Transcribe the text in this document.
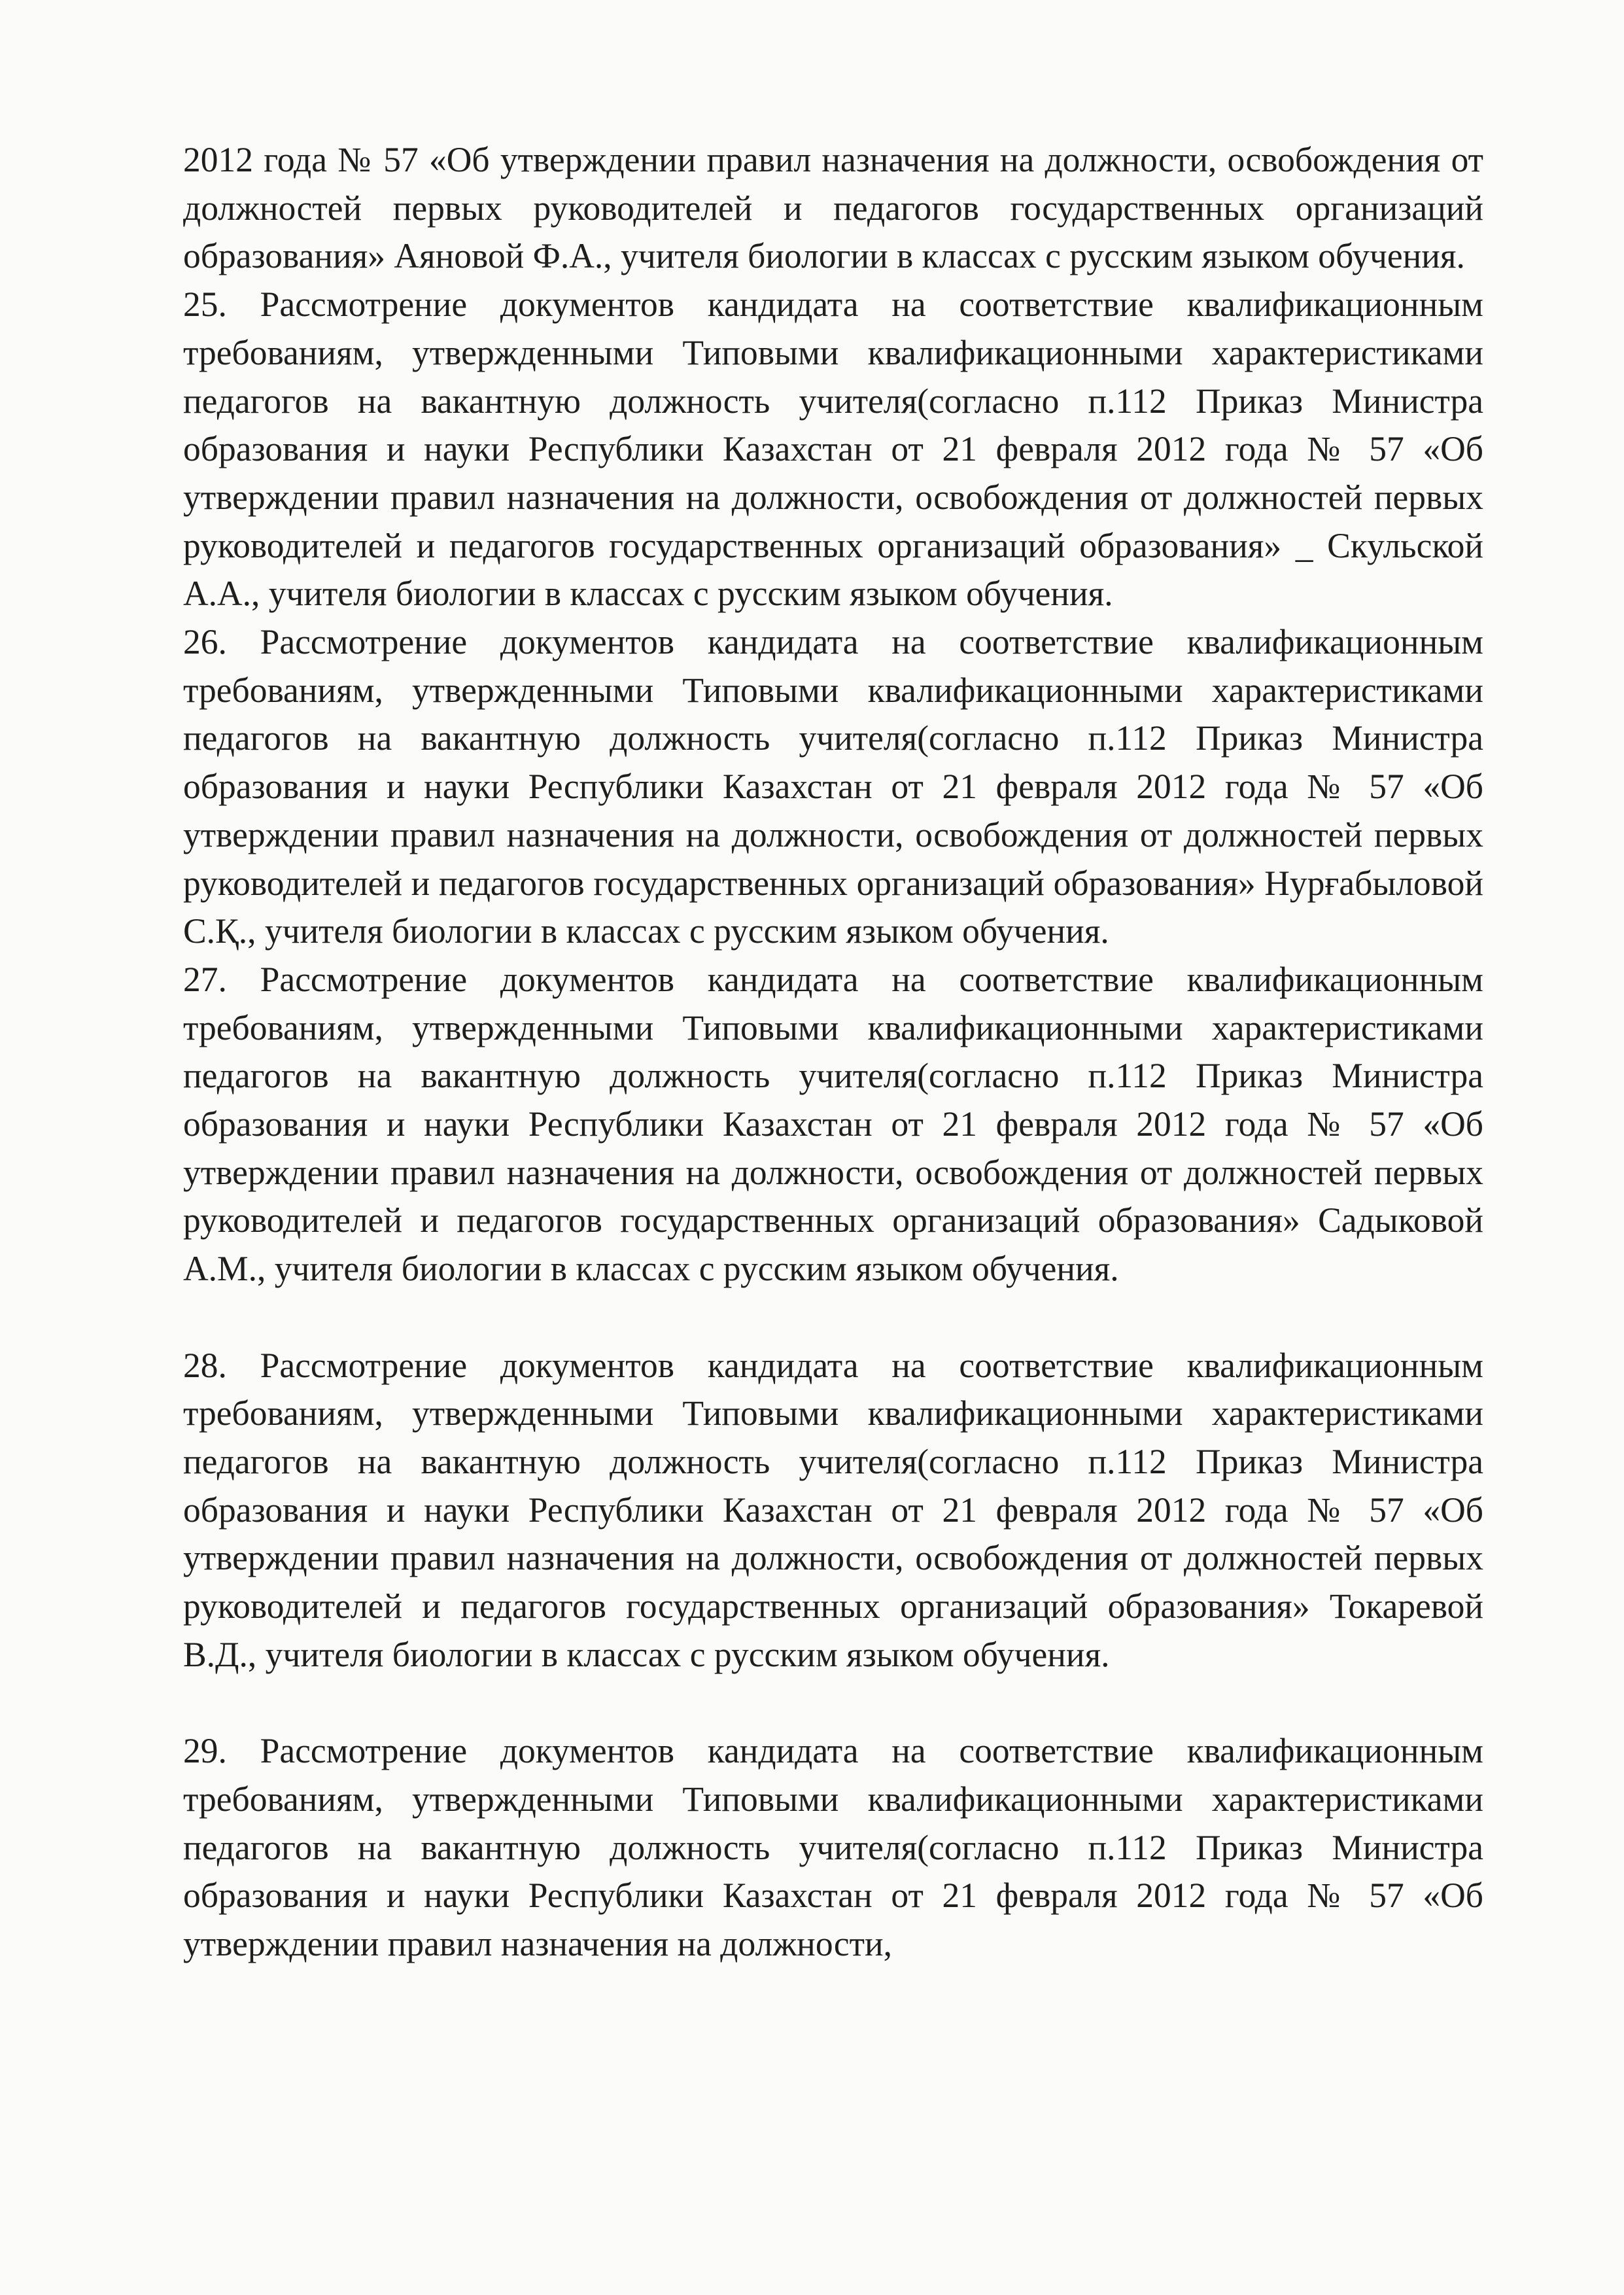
2012 года № 57 «Об утверждении правил назначения на должности, освобождения от должностей первых руководителей и педагогов государственных организаций образования» Аяновой Ф.А., учителя биологии в классах с русским языком обучения.

25. Рассмотрение документов кандидата на соответствие квалификационным требованиям, утвержденными Типовыми квалификационными характеристиками педагогов на вакантную должность учителя(согласно п.112 Приказ Министра образования и науки Республики Казахстан от 21 февраля 2012 года № 57 «Об утверждении правил назначения на должности, освобождения от должностей первых руководителей и педагогов государственных организаций образования» _ Скульской А.А., учителя биологии в классах с русским языком обучения.

26. Рассмотрение документов кандидата на соответствие квалификационным требованиям, утвержденными Типовыми квалификационными характеристиками педагогов на вакантную должность учителя(согласно п.112 Приказ Министра образования и науки Республики Казахстан от 21 февраля 2012 года № 57 «Об утверждении правил назначения на должности, освобождения от должностей первых руководителей и педагогов государственных организаций образования» Нурғабыловой С.Қ., учителя биологии в классах с русским языком обучения.

27. Рассмотрение документов кандидата на соответствие квалификационным требованиям, утвержденными Типовыми квалификационными характеристиками педагогов на вакантную должность учителя(согласно п.112 Приказ Министра образования и науки Республики Казахстан от 21 февраля 2012 года № 57 «Об утверждении правил назначения на должности, освобождения от должностей первых руководителей и педагогов государственных организаций образования» Садыковой А.М., учителя биологии в классах с русским языком обучения.

28. Рассмотрение документов кандидата на соответствие квалификационным требованиям, утвержденными Типовыми квалификационными характеристиками педагогов на вакантную должность учителя(согласно п.112 Приказ Министра образования и науки Республики Казахстан от 21 февраля 2012 года № 57 «Об утверждении правил назначения на должности, освобождения от должностей первых руководителей и педагогов государственных организаций образования» Токаревой В.Д., учителя биологии в классах с русским языком обучения.

29. Рассмотрение документов кандидата на соответствие квалификационным требованиям, утвержденными Типовыми квалификационными характеристиками педагогов на вакантную должность учителя(согласно п.112 Приказ Министра образования и науки Республики Казахстан от 21 февраля 2012 года № 57 «Об утверждении правил назначения на должности,
